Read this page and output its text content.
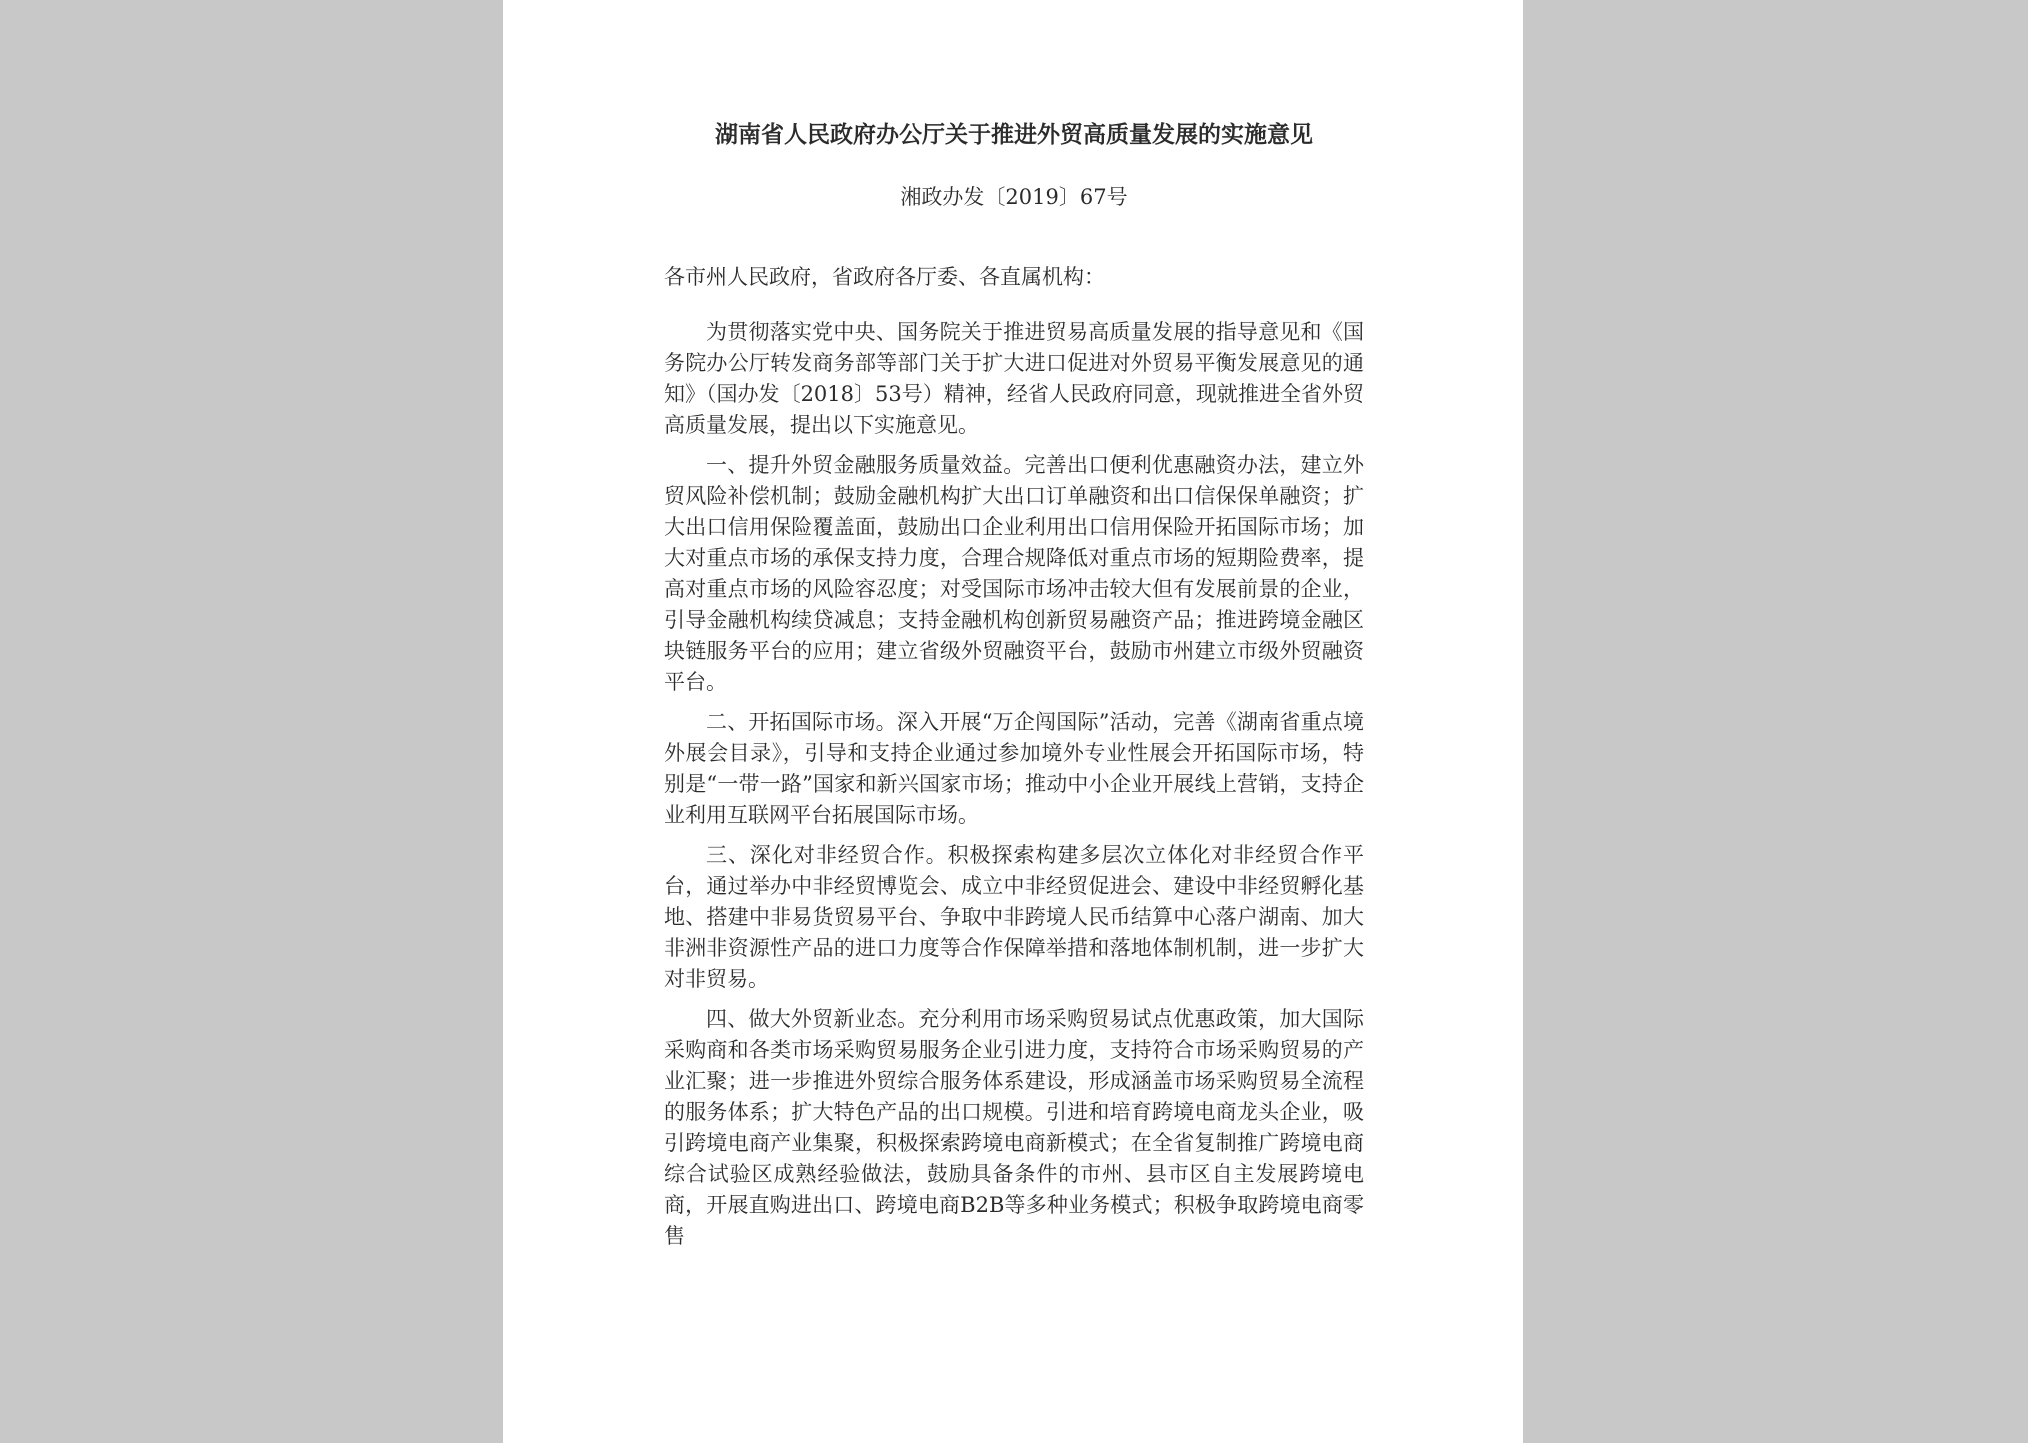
湖南省人民政府办公厅关于推进外贸高质量发展的实施意见

湘政办发〔2019〕67号

各市州人民政府，省政府各厅委、各直属机构：

为贯彻落实党中央、国务院关于推进贸易高质量发展的指导意见和《国务院办公厅转发商务部等部门关于扩大进口促进对外贸易平衡发展意见的通知》（国办发〔2018〕53号）精神，经省人民政府同意，现就推进全省外贸高质量发展，提出以下实施意见。

一、提升外贸金融服务质量效益。完善出口便利优惠融资办法，建立外贸风险补偿机制；鼓励金融机构扩大出口订单融资和出口信保保单融资；扩大出口信用保险覆盖面，鼓励出口企业利用出口信用保险开拓国际市场；加大对重点市场的承保支持力度，合理合规降低对重点市场的短期险费率，提高对重点市场的风险容忍度；对受国际市场冲击较大但有发展前景的企业，引导金融机构续贷减息；支持金融机构创新贸易融资产品；推进跨境金融区块链服务平台的应用；建立省级外贸融资平台，鼓励市州建立市级外贸融资平台。

二、开拓国际市场。深入开展“万企闯国际”活动，完善《湖南省重点境外展会目录》，引导和支持企业通过参加境外专业性展会开拓国际市场，特别是“一带一路”国家和新兴国家市场；推动中小企业开展线上营销，支持企业利用互联网平台拓展国际市场。

三、深化对非经贸合作。积极探索构建多层次立体化对非经贸合作平台，通过举办中非经贸博览会、成立中非经贸促进会、建设中非经贸孵化基地、搭建中非易货贸易平台、争取中非跨境人民币结算中心落户湖南、加大非洲非资源性产品的进口力度等合作保障举措和落地体制机制，进一步扩大对非贸易。

四、做大外贸新业态。充分利用市场采购贸易试点优惠政策，加大国际采购商和各类市场采购贸易服务企业引进力度，支持符合市场采购贸易的产业汇聚；进一步推进外贸综合服务体系建设，形成涵盖市场采购贸易全流程的服务体系；扩大特色产品的出口规模。引进和培育跨境电商龙头企业，吸引跨境电商产业集聚，积极探索跨境电商新模式；在全省复制推广跨境电商综合试验区成熟经验做法，鼓励具备条件的市州、县市区自主发展跨境电商，开展直购进出口、跨境电商B2B等多种业务模式；积极争取跨境电商零售
